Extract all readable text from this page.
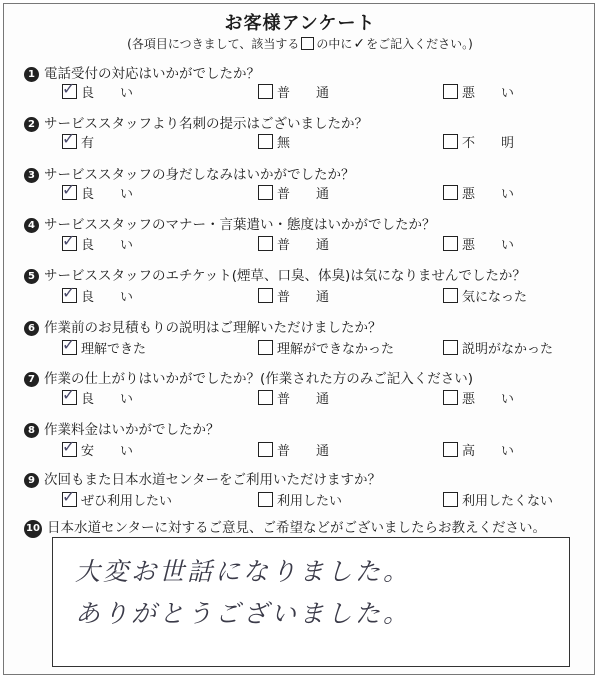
お客様アンケート
(各項目につきまして、該当する の中に✓をご記入ください。)
1 電話受付の対応はいかがでしたか？
✓良い	普通	悪い
2 サービススタッフより名刺の提示はございましたか？
✓有	無	不明
3 サービススタッフの身だしなみはいかがでしたか？
✓良い	普通	悪い
4 サービススタッフのマナー・言葉遣い・態度はいかがでしたか？
✓良い	普通	悪い
5 サービススタッフのエチケット(煙草、口臭、体臭)は気になりませんでしたか？
✓良い	普通	気になった
6 作業前のお見積もりの説明はご理解いただけましたか？
✓理解できた	理解ができなかった	説明がなかった
7 作業の仕上がりはいかがでしたか？(作業された方のみご記入ください)
✓良い	普通	悪い
8 作業料金はいかがでしたか？
✓安い	普通	高い
9 次回もまた日本水道センターをご利用いただけますか？
✓ぜひ利用したい	利用したい	利用したくない
10 日本水道センターに対するご意見、ご希望などがございましたらお教えください。
大変お世話になりました。
ありがとうございました。
